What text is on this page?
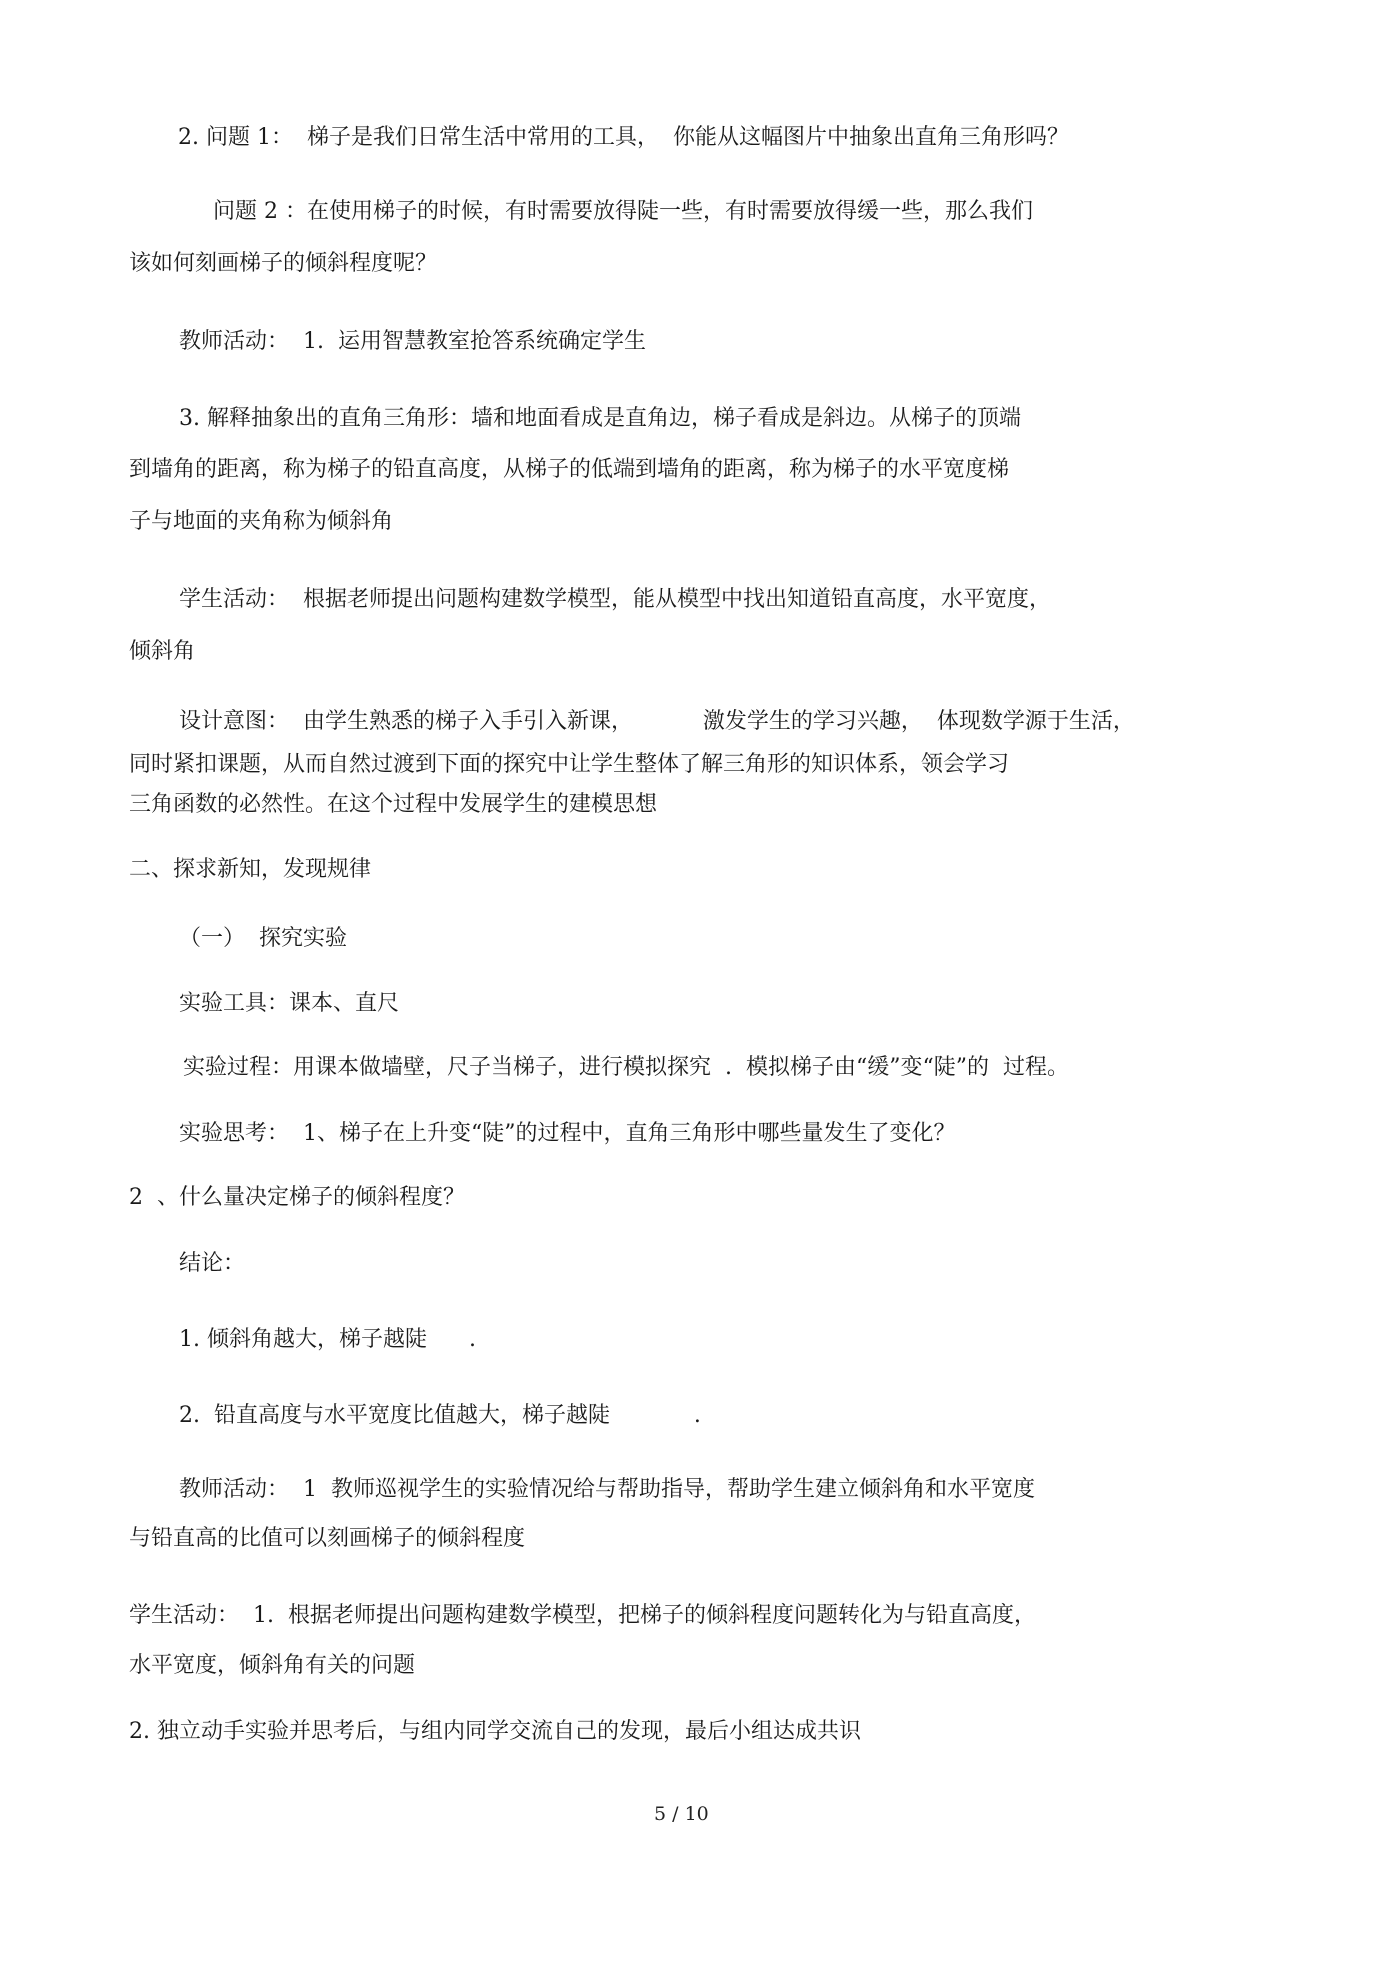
2. 问题 1：  梯子是我们日常生活中常用的工具，  你能从这幅图片中抽象出直角三角形吗？
问题 2 ：在使用梯子的时候，有时需要放得陡一些，有时需要放得缓一些，那么我们
该如何刻画梯子的倾斜程度呢？
教师活动：  1.  运用智慧教室抢答系统确定学生
3. 解释抽象出的直角三角形：墙和地面看成是直角边，梯子看成是斜边。从梯子的顶端
到墙角的距离，称为梯子的铅直高度，从梯子的低端到墙角的距离，称为梯子的水平宽度梯
子与地面的夹角称为倾斜角
学生活动：  根据老师提出问题构建数学模型，能从模型中找出知道铅直高度，水平宽度，
倾斜角
设计意图：  由学生熟悉的梯子入手引入新课，          激发学生的学习兴趣，  体现数学源于生活，
同时紧扣课题，从而自然过渡到下面的探究中让学生整体了解三角形的知识体系，领会学习
三角函数的必然性。在这个过程中发展学生的建模思想
二、探求新知，发现规律
（一）  探究实验
实验工具：课本、直尺
实验过程：用课本做墙壁，尺子当梯子，进行模拟探究  .  模拟梯子由“缓”变“陡”的  过程。
实验思考：  1、梯子在上升变“陡”的过程中，直角三角形中哪些量发生了变化？
2  、什么量决定梯子的倾斜程度？
结论：
1. 倾斜角越大，梯子越陡      .
2.  铅直高度与水平宽度比值越大，梯子越陡            .
教师活动：  1  教师巡视学生的实验情况给与帮助指导，帮助学生建立倾斜角和水平宽度
与铅直高的比值可以刻画梯子的倾斜程度
学生活动：  1.  根据老师提出问题构建数学模型，把梯子的倾斜程度问题转化为与铅直高度，
水平宽度，倾斜角有关的问题
2. 独立动手实验并思考后，与组内同学交流自己的发现，最后小组达成共识
5 / 10
